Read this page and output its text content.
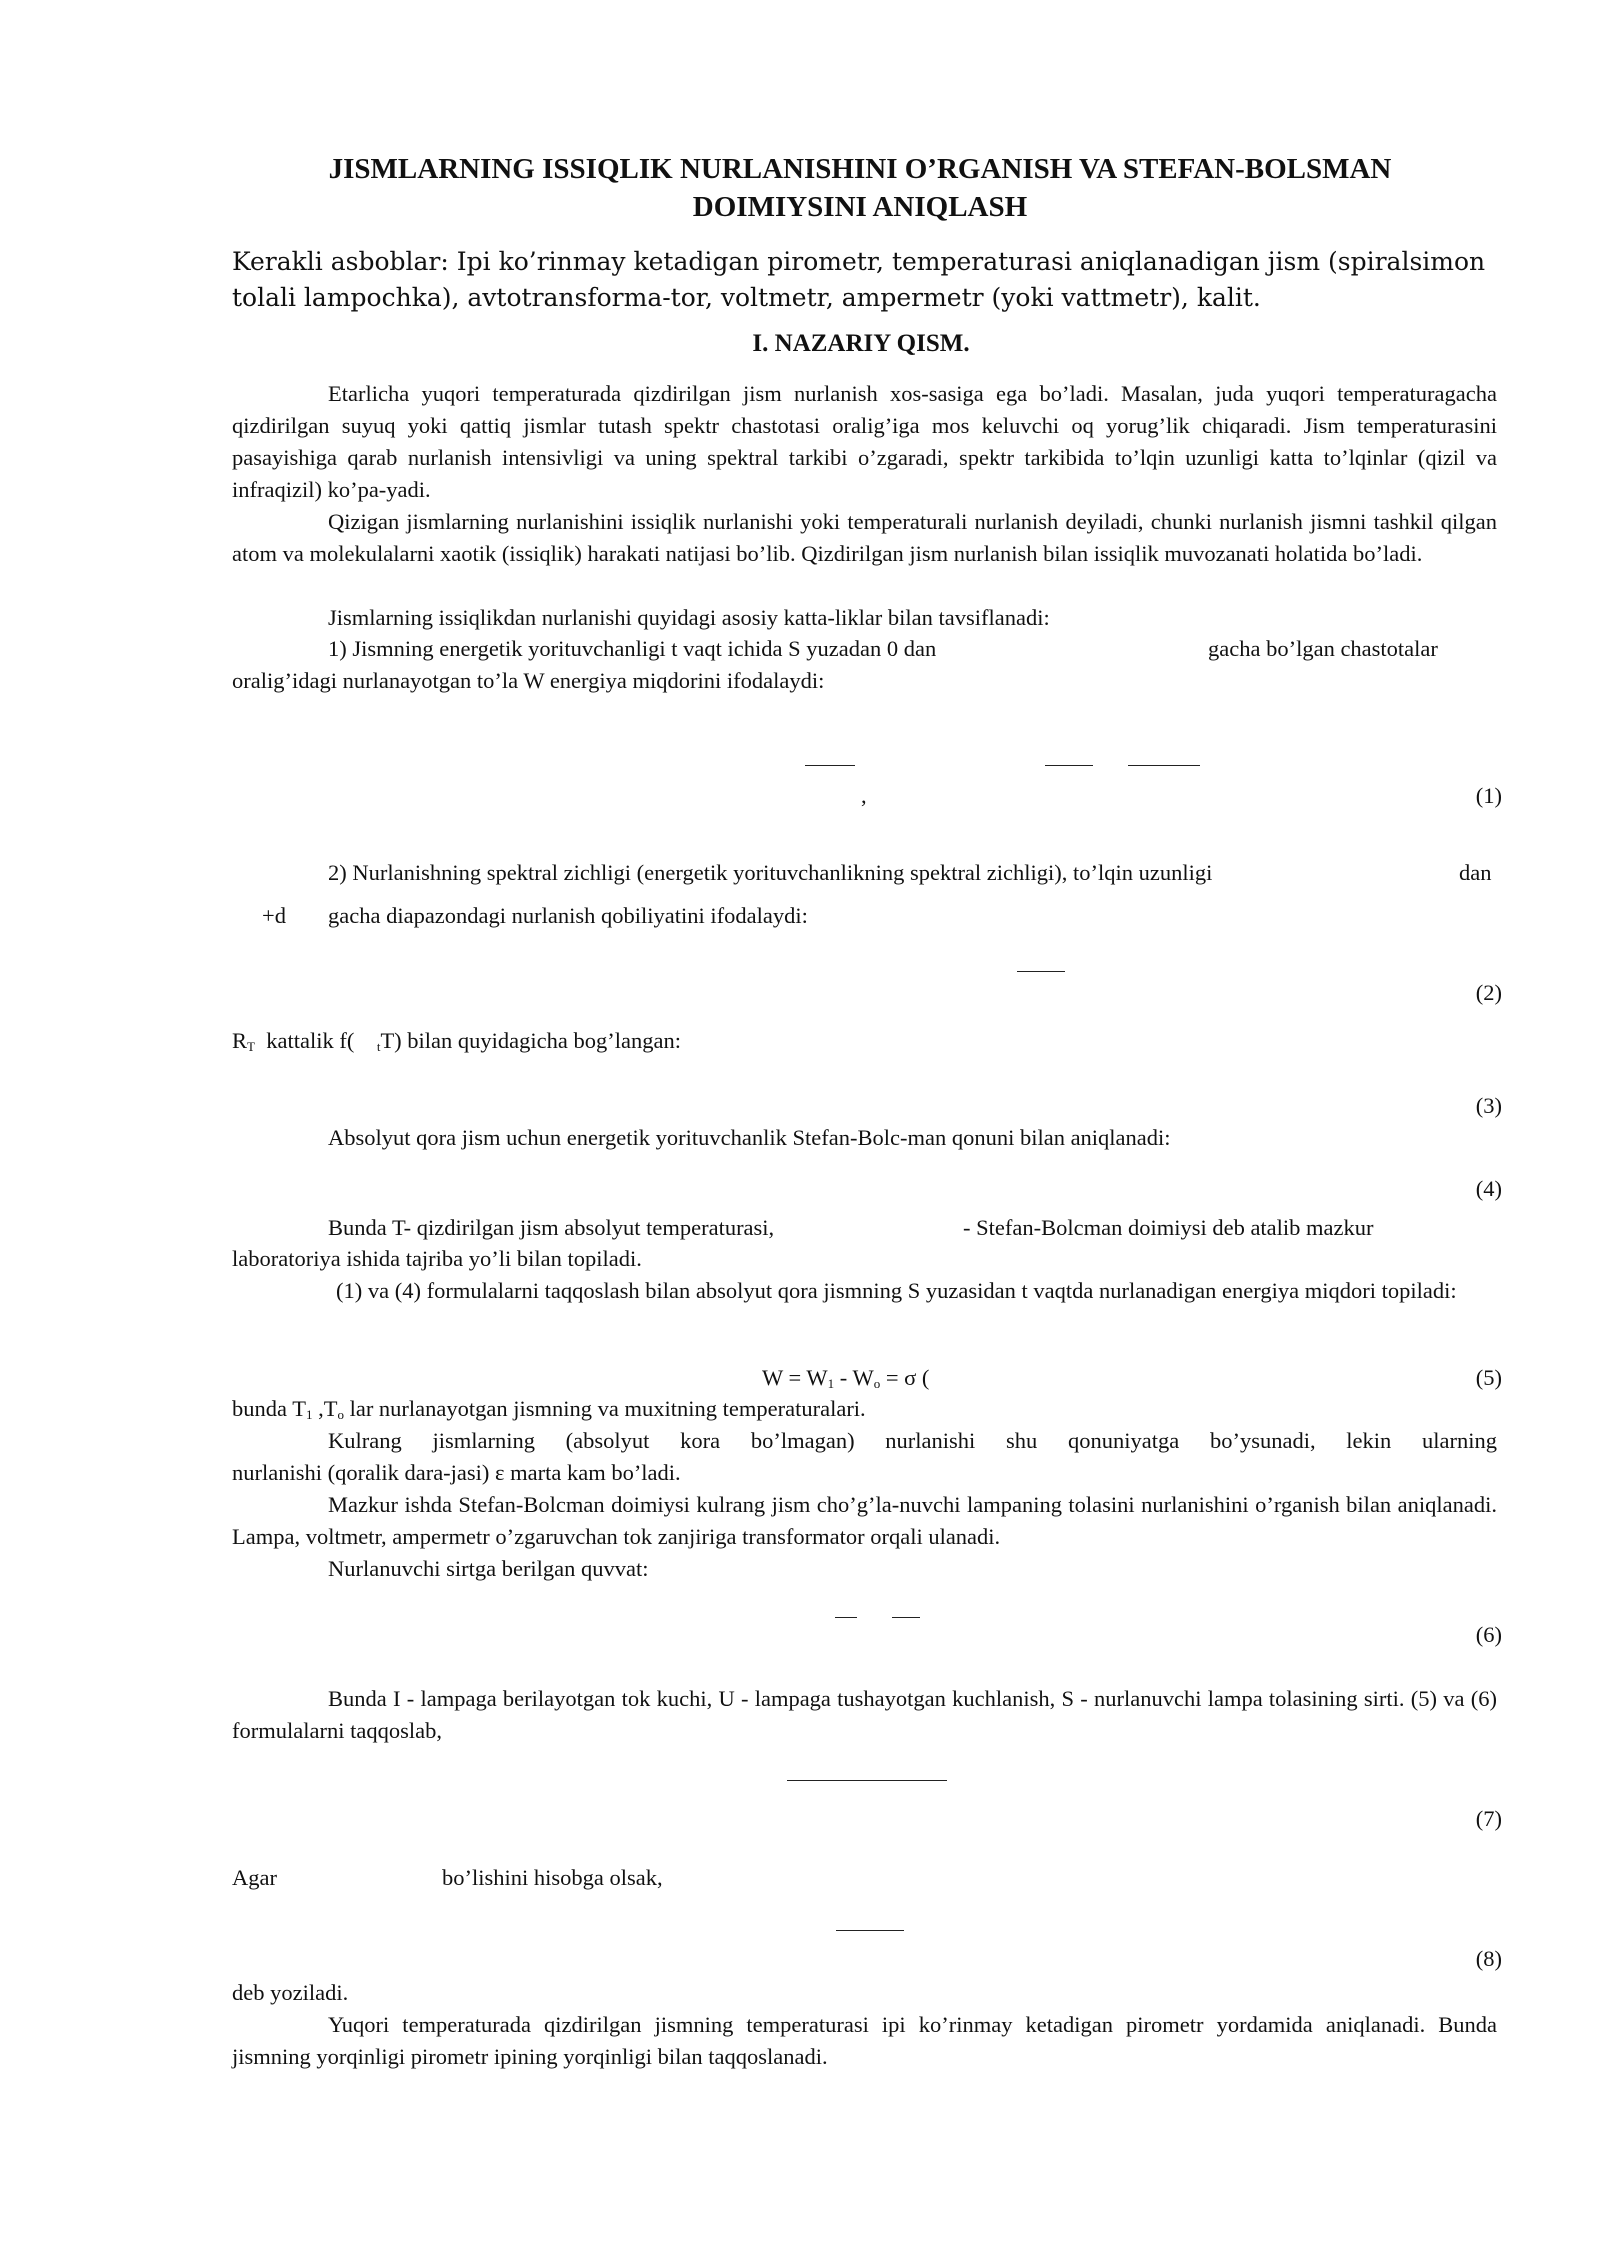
JISMLARNING ISSIQLIK NURLANISHINI O’RGANISH VA STEFAN-BOLSMAN
DOIMIYSINI ANIQLASH
Kerakli asboblar: Ipi ko’rinmay ketadigan pirometr, temperaturasi aniqlanadigan jism (spiralsimon tolali lampochka), avtotransforma-tor, voltmetr, ampermetr (yoki vattmetr), kalit.
I. NAZARIY QISM.
Etarlicha yuqori temperaturada qizdirilgan jism nurlanish xos-sasiga ega bo’ladi. Masalan, juda yuqori temperaturagacha qizdirilgan suyuq yoki qattiq jismlar tutash spektr chastotasi oralig’iga mos keluvchi oq yorug’lik chiqaradi. Jism temperaturasini pasayishiga qarab nurlanish intensivligi va uning spektral tarkibi o’zgaradi, spektr tarkibida to’lqin uzunligi katta to’lqinlar (qizil va infraqizil) ko’pa-yadi.
Qizigan jismlarning nurlanishini issiqlik nurlanishi yoki temperaturali nurlanish deyiladi, chunki nurlanish jismni tashkil qilgan atom va molekulalarni xaotik (issiqlik) harakati natijasi bo’lib. Qizdirilgan jism nurlanish bilan issiqlik muvozanati holatida bo’ladi.
Jismlarning issiqlikdan nurlanishi quyidagi asosiy katta-liklar bilan tavsiflanadi:
1) Jismning energetik yorituvchanligi t vaqt ichida S yuzadan 0 dan	gacha bo’lgan chastotalar
oralig’idagi nurlanayotgan to’la W energiya miqdorini ifodalaydi:
,	(1)
2) Nurlanishning spektral zichligi (energetik yorituvchanlikning spektral zichligi), to’lqin uzunligi	dan
+d gacha diapazondagi nurlanish qobiliyatini ifodalaydi:
(2)
$R_T$ kattalik f( $_t$T) bilan quyidagicha bog’langan:
(3)
Absolyut qora jism uchun energetik yorituvchanlik Stefan-Bolc-man qonuni bilan aniqlanadi:
(4)
Bunda T- qizdirilgan jism absolyut temperaturasi,	- Stefan-Bolcman doimiysi deb atalib mazkur
laboratoriya ishida tajriba yo’li bilan topiladi.
(1) va (4) formulalarni taqqoslash bilan absolyut qora jismning S yuzasidan t vaqtda nurlanadigan energiya miqdori topiladi:
$W = W_1 - W_o = \sigma$ (	(5)
bunda $T_1$ $,T_o$ lar nurlanayotgan jismning va muxitning temperaturalari.
Kulrang jismlarning (absolyut kora bo’lmagan) nurlanishi shu qonuniyatga bo’ysunadi, lekin ularning
nurlanishi (qoralik dara-jasi) ε marta kam bo’ladi.
Mazkur ishda Stefan-Bolcman doimiysi kulrang jism cho’g’la-nuvchi lampaning tolasini nurlanishini o’rganish bilan aniqlanadi. Lampa, voltmetr, ampermetr o’zgaruvchan tok zanjiriga transformator orqali ulanadi.
Nurlanuvchi sirtga berilgan quvvat:
(6)
Bunda I - lampaga berilayotgan tok kuchi, U - lampaga tushayotgan kuchlanish, S - nurlanuvchi lampa tolasining sirti. (5) va (6) formulalarni taqqoslab,
(7)
Agar	bo’lishini hisobga olsak,
(8)
deb yoziladi.
Yuqori temperaturada qizdirilgan jismning temperaturasi ipi ko’rinmay ketadigan pirometr yordamida aniqlanadi. Bunda jismning yorqinligi pirometr ipining yorqinligi bilan taqqoslanadi.
